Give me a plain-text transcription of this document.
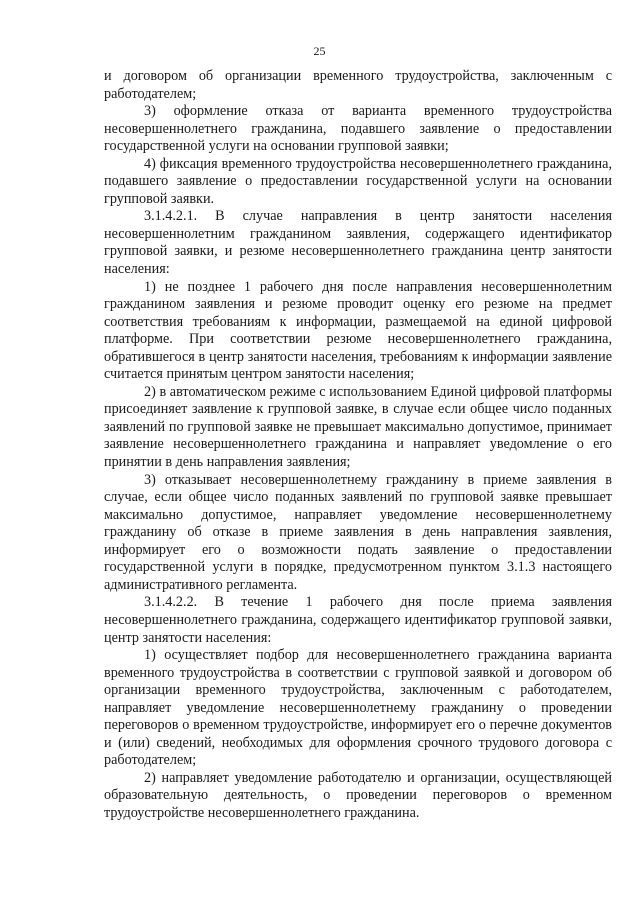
25

и договором об организации временного трудоустройства, заключенным с работодателем;

3) оформление отказа от варианта временного трудоустройства несовершеннолетнего гражданина, подавшего заявление о предоставлении государственной услуги на основании групповой заявки;

4) фиксация временного трудоустройства несовершеннолетнего гражданина, подавшего заявление о предоставлении государственной услуги на основании групповой заявки.

3.1.4.2.1. В случае направления в центр занятости населения несовершеннолетним гражданином заявления, содержащего идентификатор групповой заявки, и резюме несовершеннолетнего гражданина центр занятости населения:

1) не позднее 1 рабочего дня после направления несовершеннолетним гражданином заявления и резюме проводит оценку его резюме на предмет соответствия требованиям к информации, размещаемой на единой цифровой платформе. При соответствии резюме несовершеннолетнего гражданина, обратившегося в центр занятости населения, требованиям к информации заявление считается принятым центром занятости населения;

2) в автоматическом режиме с использованием Единой цифровой платформы присоединяет заявление к групповой заявке, в случае если общее число поданных заявлений по групповой заявке не превышает максимально допустимое, принимает заявление несовершеннолетнего гражданина и направляет уведомление о его принятии в день направления заявления;

3) отказывает несовершеннолетнему гражданину в приеме заявления в случае, если общее число поданных заявлений по групповой заявке превышает максимально допустимое, направляет уведомление несовершеннолетнему гражданину об отказе в приеме заявления в день направления заявления, информирует его о возможности подать заявление о предоставлении государственной услуги в порядке, предусмотренном пунктом 3.1.3 настоящего административного регламента.

3.1.4.2.2. В течение 1 рабочего дня после приема заявления несовершеннолетнего гражданина, содержащего идентификатор групповой заявки, центр занятости населения:

1) осуществляет подбор для несовершеннолетнего гражданина варианта временного трудоустройства в соответствии с групповой заявкой и договором об организации временного трудоустройства, заключенным с работодателем, направляет уведомление несовершеннолетнему гражданину о проведении переговоров о временном трудоустройстве, информирует его о перечне документов и (или) сведений, необходимых для оформления срочного трудового договора с работодателем;

2) направляет уведомление работодателю и организации, осуществляющей образовательную деятельность, о проведении переговоров о временном трудоустройстве несовершеннолетнего гражданина.
